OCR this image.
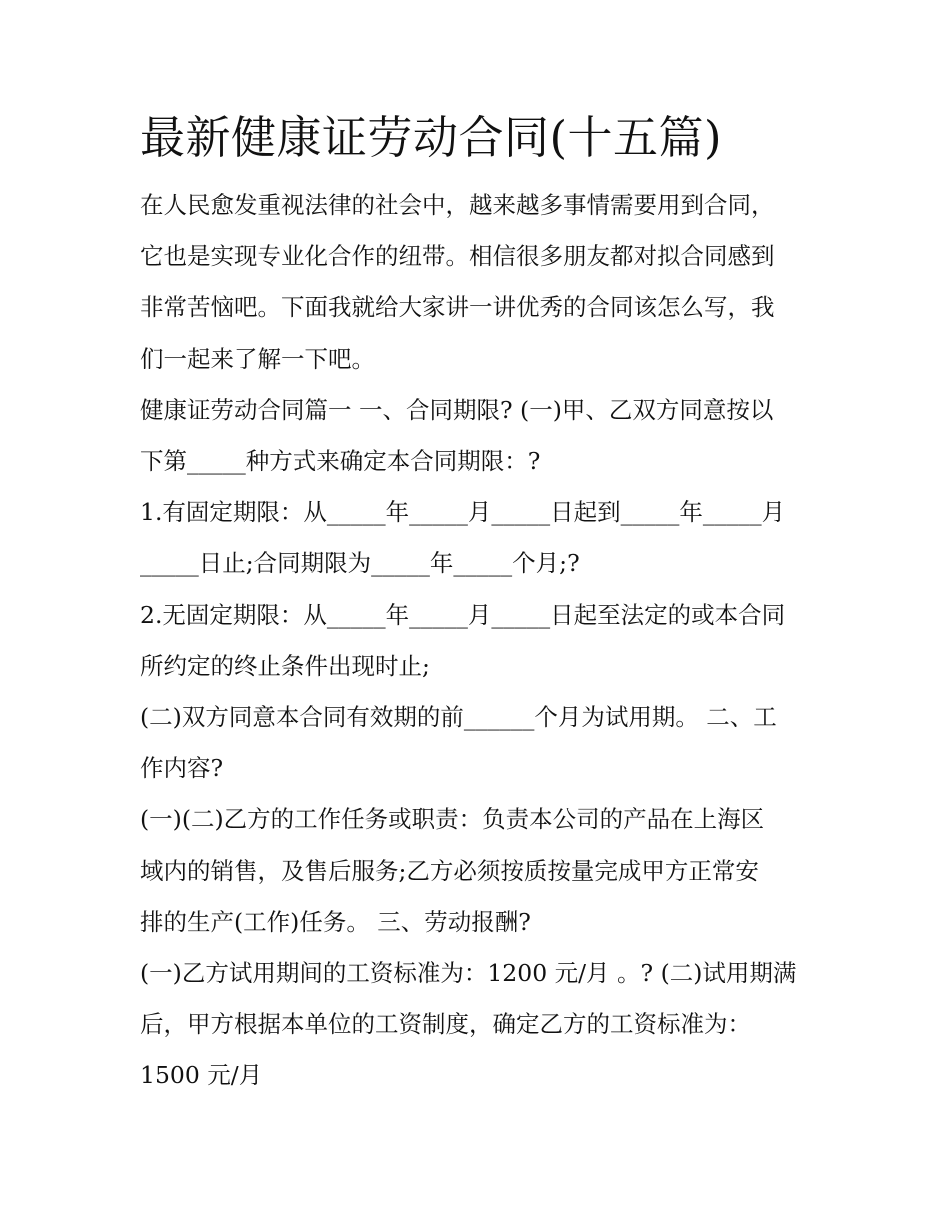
最新健康证劳动合同(十五篇)

在人民愈发重视法律的社会中，越来越多事情需要用到合同，
它也是实现专业化合作的纽带。相信很多朋友都对拟合同感到
非常苦恼吧。下面我就给大家讲一讲优秀的合同该怎么写，我
们一起来了解一下吧。

健康证劳动合同篇一 一、合同期限? (一)甲、乙双方同意按以
下第_____种方式来确定本合同期限：?

1.有固定期限：从_____年_____月_____日起到_____年_____月
_____日止;合同期限为_____年_____个月;?

2.无固定期限：从_____年_____月_____日起至法定的或本合同
所约定的终止条件出现时止;

(二)双方同意本合同有效期的前______个月为试用期。 二、工
作内容?

(一)(二)乙方的工作任务或职责：负责本公司的产品在上海区
域内的销售，及售后服务;乙方必须按质按量完成甲方正常安
排的生产(工作)任务。 三、劳动报酬?

(一)乙方试用期间的工资标准为：1200 元/月 。? (二)试用期满
后，甲方根据本单位的工资制度，确定乙方的工资标准为：
1500 元/月
